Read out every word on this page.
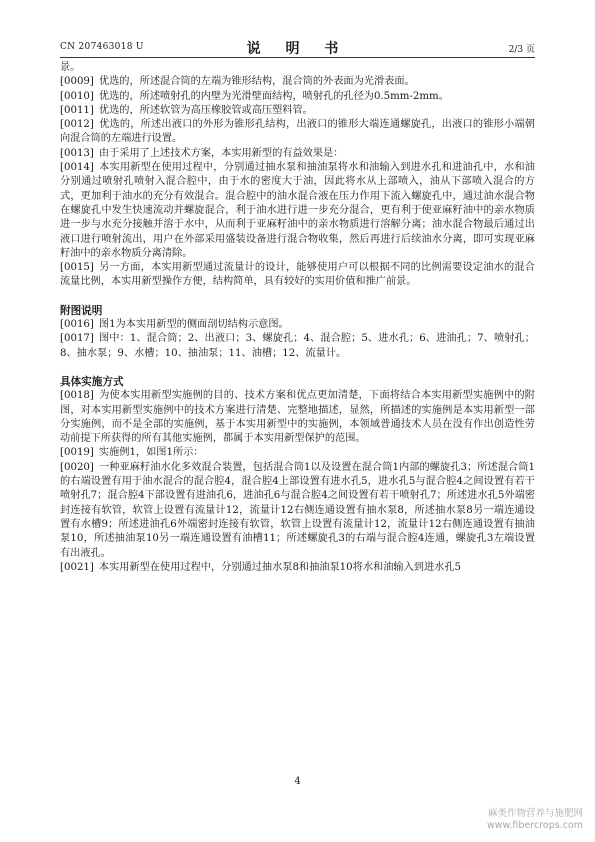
CN 207463018 U	说 明 书	2/3 页

景。

[0009] 优选的，所述混合筒的左端为锥形结构，混合筒的外表面为光滑表面。

[0010] 优选的，所述喷射孔的内壁为光滑壁面结构，喷射孔的孔径为0.5mm-2mm。

[0011] 优选的，所述软管为高压橡胶管或高压塑料管。

[0012] 优选的，所述出液口的外形为锥形孔结构，出液口的锥形大端连通螺旋孔，出液口的锥形小端朝向混合筒的左端进行设置。

[0013] 由于采用了上述技术方案，本实用新型的有益效果是：

[0014] 本实用新型在使用过程中，分别通过抽水泵和抽油泵将水和油输入到进水孔和进油孔中，水和油分别通过喷射孔喷射入混合腔中，由于水的密度大于油，因此将水从上部喷入，油从下部喷入混合的方式，更加利于油水的充分有效混合。混合腔中的油水混合液在压力作用下流入螺旋孔中，通过油水混合物在螺旋孔中发生快速流动并螺旋混合，利于油水进行进一步充分混合，更有利于使亚麻籽油中的亲水物质进一步与水充分接触并溶于水中，从而利于亚麻籽油中的亲水物质进行溶解分离；油水混合物最后通过出液口进行喷射流出，用户在外部采用盛装设备进行混合物收集，然后再进行后续油水分离，即可实现亚麻籽油中的亲水物质分离清除。

[0015] 另一方面，本实用新型通过流量计的设计，能够使用户可以根据不同的比例需要设定油水的混合流量比例，本实用新型操作方便，结构简单，具有较好的实用价值和推广前景。

附图说明

[0016] 图1为本实用新型的侧面剖切结构示意图。

[0017] 图中：1、混合筒；2、出液口；3、螺旋孔；4、混合腔；5、进水孔；6、进油孔；7、喷射孔；8、抽水泵；9、水槽；10、抽油泵；11、油槽；12、流量计。

具体实施方式

[0018] 为使本实用新型实施例的目的、技术方案和优点更加清楚，下面将结合本实用新型实施例中的附图，对本实用新型实施例中的技术方案进行清楚、完整地描述，显然，所描述的实施例是本实用新型一部分实施例，而不是全部的实施例，基于本实用新型中的实施例，本领域普通技术人员在没有作出创造性劳动前提下所获得的所有其他实施例，都属于本实用新型保护的范围。

[0019] 实施例1，如图1所示：

[0020] 一种亚麻籽油水化多效混合装置，包括混合筒1以及设置在混合筒1内部的螺旋孔3；所述混合筒1的右端设置有用于油水混合的混合腔4，混合腔4上部设置有进水孔5，进水孔5与混合腔4之间设置有若干喷射孔7；混合腔4下部设置有进油孔6，进油孔6与混合腔4之间设置有若干喷射孔7；所述进水孔5外端密封连接有软管，软管上设置有流量计12，流量计12右侧连通设置有抽水泵8，所述抽水泵8另一端连通设置有水槽9；所述进油孔6外端密封连接有软管，软管上设置有流量计12，流量计12右侧连通设置有抽油泵10，所述抽油泵10另一端连通设置有油槽11；所述螺旋孔3的右端与混合腔4连通，螺旋孔3左端设置有出液孔。

[0021] 本实用新型在使用过程中，分别通过抽水泵8和抽油泵10将水和油输入到进水孔5

4
麻类作物营养与施肥网
www.fibercrops.com
